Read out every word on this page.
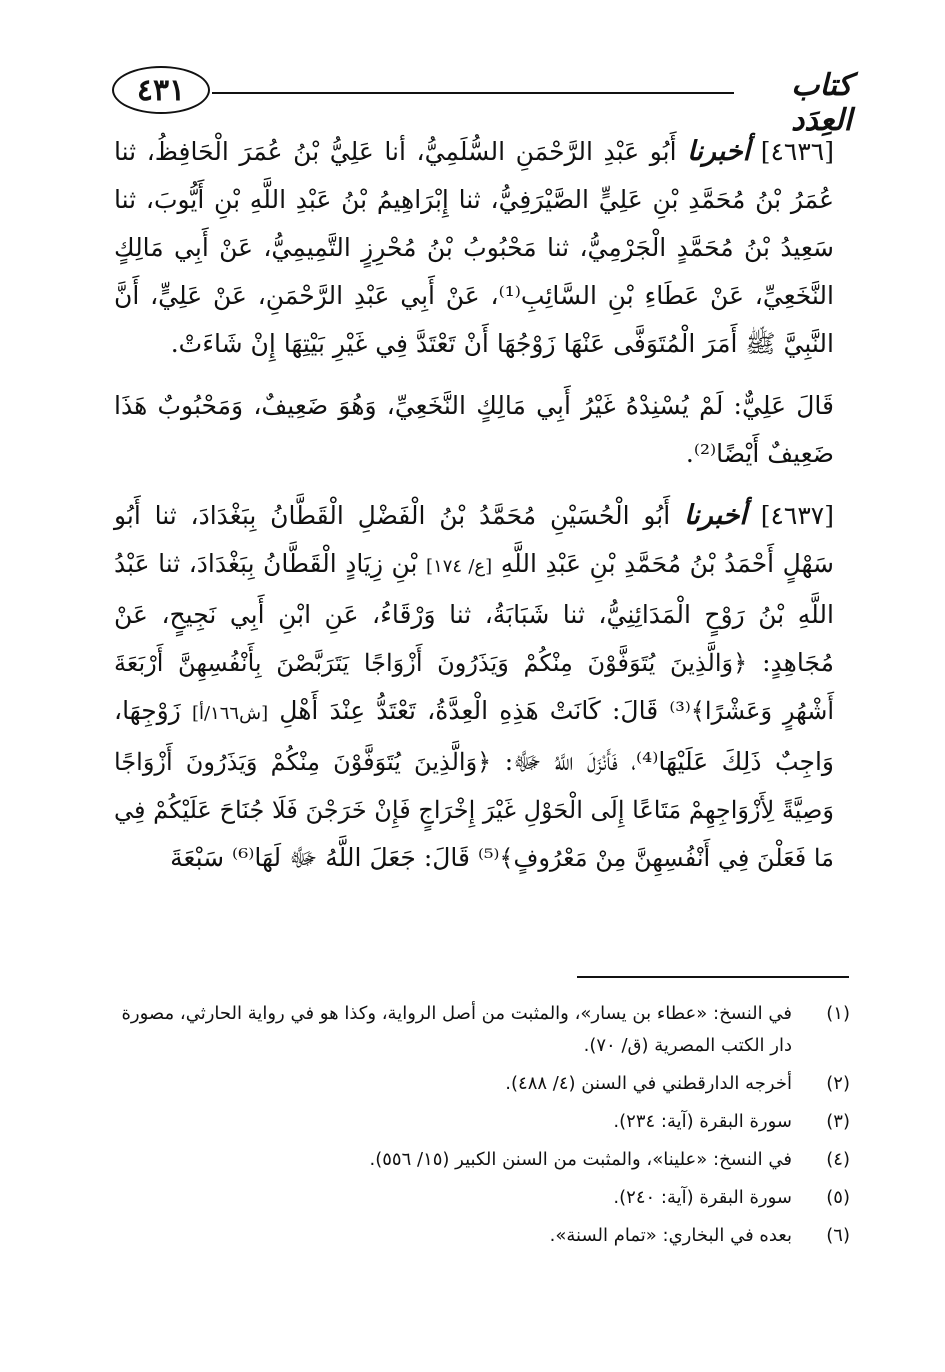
٤٣١	كتاب العِدَد

[٤٦٣٦] أخبرنا أَبُو عَبْدِ الرَّحْمَنِ السُّلَمِيُّ، أنا عَلِيُّ بْنُ عُمَرَ الْحَافِظُ، ثنا عُمَرُ بْنُ مُحَمَّدِ بْنِ عَلِيٍّ الصَّيْرَفِيُّ، ثنا إِبْرَاهِيمُ بْنُ عَبْدِ اللَّهِ بْنِ أَيُّوبَ، ثنا سَعِيدُ بْنُ مُحَمَّدٍ الْجَرْمِيُّ، ثنا مَحْبُوبُ بْنُ مُحْرِزٍ التَّمِيمِيُّ، عَنْ أَبِي مَالِكٍ النَّخَعِيِّ، عَنْ عَطَاءِ بْنِ السَّائِبِ⁽¹⁾، عَنْ أَبِي عَبْدِ الرَّحْمَنِ، عَنْ عَلِيٍّ، أَنَّ النَّبِيَّ ﷺ أَمَرَ الْمُتَوَفَّى عَنْهَا زَوْجُهَا أَنْ تَعْتَدَّ فِي غَيْرِ بَيْتِهَا إِنْ شَاءَتْ.

قَالَ عَلِيٌّ: لَمْ يُسْنِدْهُ غَيْرُ أَبِي مَالِكٍ النَّخَعِيِّ، وَهُوَ ضَعِيفٌ، وَمَحْبُوبٌ هَذَا ضَعِيفٌ أَيْضًا⁽²⁾.

[٤٦٣٧] أخبرنا أَبُو الْحُسَيْنِ مُحَمَّدُ بْنُ الْفَضْلِ الْقَطَّانُ بِبَغْدَادَ، ثنا أَبُو سَهْلٍ أَحْمَدُ بْنُ مُحَمَّدِ بْنِ عَبْدِ اللَّهِ [ع/ ١٧٤] بْنِ زِيَادٍ الْقَطَّانُ بِبَغْدَادَ، ثنا عَبْدُ اللَّهِ بْنُ رَوْحٍ الْمَدَائِنِيُّ، ثنا شَبَابَةُ، ثنا وَرْقَاءُ، عَنِ ابْنِ أَبِي نَجِيحٍ، عَنْ مُجَاهِدٍ: ﴿وَالَّذِينَ يُتَوَفَّوْنَ مِنْكُمْ وَيَذَرُونَ أَزْوَاجًا يَتَرَبَّصْنَ بِأَنْفُسِهِنَّ أَرْبَعَةَ أَشْهُرٍ وَعَشْرًا﴾⁽³⁾ قَالَ: كَانَتْ هَذِهِ الْعِدَّةُ، تَعْتَدُّ عِنْدَ أَهْلِ [ش١٦٦/أ] زَوْجِهَا، وَاجِبٌ ذَلِكَ عَلَيْهَا⁽⁴⁾، فَأَنْزَلَ اللَّهُ ﷻ: ﴿وَالَّذِينَ يُتَوَفَّوْنَ مِنْكُمْ وَيَذَرُونَ أَزْوَاجًا وَصِيَّةً لِأَزْوَاجِهِمْ مَتَاعًا إِلَى الْحَوْلِ غَيْرَ إِخْرَاجٍ فَإِنْ خَرَجْنَ فَلَا جُنَاحَ عَلَيْكُمْ فِي مَا فَعَلْنَ فِي أَنْفُسِهِنَّ مِنْ مَعْرُوفٍ﴾⁽⁵⁾ قَالَ: جَعَلَ اللَّهُ ﷻ لَهَا⁽⁶⁾ سَبْعَةَ

(١)
في النسخ: «عطاء بن يسار»، والمثبت من أصل الرواية، وكذا هو في رواية الحارثي، مصورة دار الكتب المصرية (ق/ ٧٠).
(٢)
أخرجه الدارقطني في السنن (٤/ ٤٨٨).
(٣)
سورة البقرة (آية: ٢٣٤).
(٤)
في النسخ: «علينا»، والمثبت من السنن الكبير (١٥/ ٥٥٦).
(٥)
سورة البقرة (آية: ٢٤٠).
(٦)
بعده في البخاري: «تمام السنة».
